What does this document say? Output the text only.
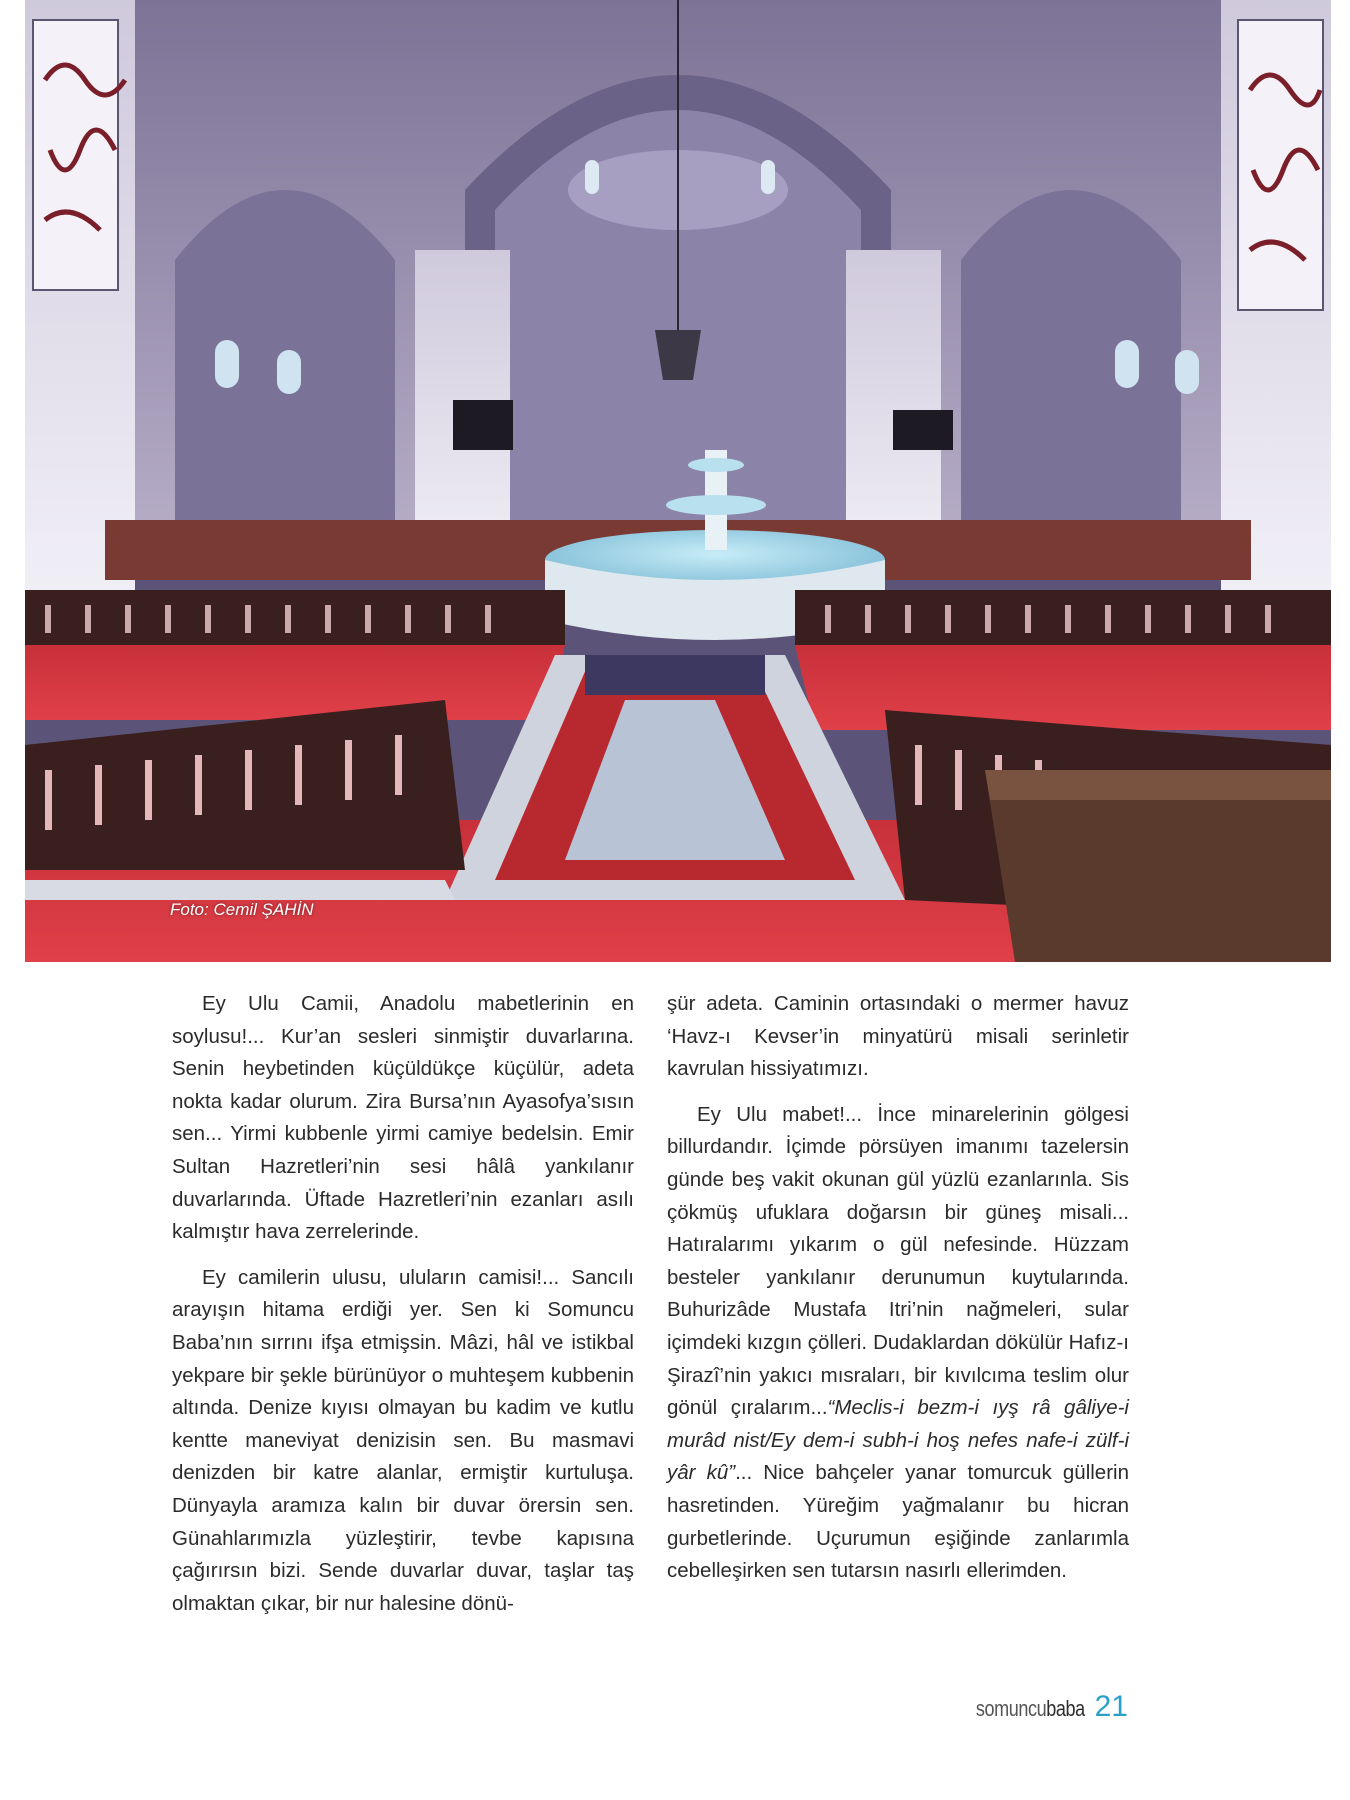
Foto: Cemil ŞAHİN

Ey Ulu Camii, Anadolu mabetlerinin en soylusu!... Kur’an sesleri sinmiştir duvarlarına. Senin heybetinden küçüldükçe küçülür, adeta nokta kadar olurum. Zira Bursa’nın Ayasofya’sısın sen... Yirmi kubbenle yirmi camiye bedelsin. Emir Sultan Hazretleri’nin sesi hâlâ yankılanır duvarlarında. Üftade Hazretleri’nin ezanları asılı kalmıştır hava zerrelerinde.

Ey camilerin ulusu, uluların camisi!... Sancılı arayışın hitama erdiği yer. Sen ki Somuncu Baba’nın sırrını ifşa etmişsin. Mâzi, hâl ve istikbal yekpare bir şekle bürünüyor o muhteşem kubbenin altında. Denize kıyısı olmayan bu kadim ve kutlu kentte maneviyat denizisin sen. Bu masmavi denizden bir katre alanlar, ermiştir kurtuluşa. Dünyayla aramıza kalın bir duvar örersin sen. Günahlarımızla yüzleştirir, tevbe kapısına çağırırsın bizi. Sende duvarlar duvar, taşlar taş olmaktan çıkar, bir nur halesine dönü-

şür adeta. Caminin ortasındaki o mermer havuz ‘Havz-ı Kevser’in minyatürü misali serinletir kavrulan hissiyatımızı.

Ey Ulu mabet!... İnce minarelerinin gölgesi billurdandır. İçimde pörsüyen imanımı tazelersin günde beş vakit okunan gül yüzlü ezanlarınla. Sis çökmüş ufuklara doğarsın bir güneş misali... Hatıralarımı yıkarım o gül nefesinde. Hüzzam besteler yankılanır derunumun kuytularında. Buhurizâde Mustafa Itri’nin nağmeleri, sular içimdeki kızgın çölleri. Dudaklardan dökülür Hafız-ı Şirazî’nin yakıcı mısraları, bir kıvılcıma teslim olur gönül çıralarım...“Meclis-i bezm-i ıyş râ gâliye-i murâd nist/Ey dem-i subh-i hoş nefes nafe-i zülf-i yâr kû”... Nice bahçeler yanar tomurcuk güllerin hasretinden. Yüreğim yağmalanır bu hicran gurbetlerinde. Uçurumun eşiğinde zanlarımla cebelleşirken sen tutarsın nasırlı ellerimden.

somuncubaba 21
